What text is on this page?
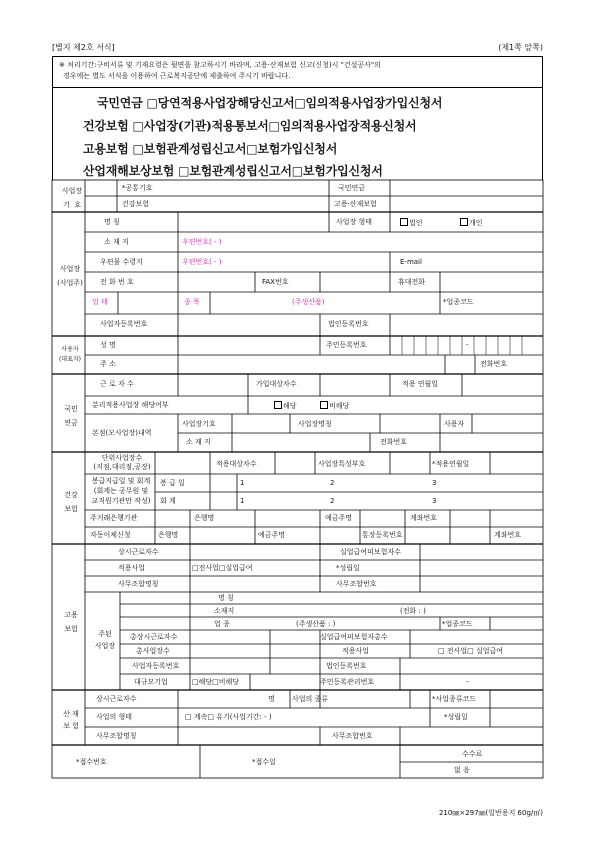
[별지 제2호 서식]	(제1쪽 앞쪽)
※ 처리기간:구비서류 및 기재요령은 뒷면을 참고하시기 바라며, 고용·산재보험 신고(신청)시 "건설공사"의
경우에는 별도 서식을 이용하여 근로복지공단에 제출하여 주시기 바랍니다.
국민연금 □당연적용사업장해당신고서□임의적용사업장가입신청서
건강보험 □사업장(기관)적용통보서□임의적용사업장적용신청서
고용보험 □보험관계성립신고서□보험가입신청서
산업재해보상보험 □보험관계성립신고서□보험가입신청서
사업장
기  호
*공통기호	국민연금
건강보험	고용·산재보험
사업장
(사업주)
명 칭	사업장 형태	법인	개인
소 재 지	우편번호( - )
우편물 수령지	우편번호( - )	E-mail
전 화 번 호	FAX번호	휴대전화
업 태	종 목	(주생산품)	*업종코드
사업자등록번호	법인등록번호
사용자
(대표자)
성 명	주민등록번호	-
주 소	전화번호
국민
연금
근 로 자 수	가입대상자수	적용 연월일
분리적용사업장 해당여부	해당	비해당
본점(모사업장)내역
사업장기호	사업장명칭	사용자
소 재 지	전화번호
건강
보험
단위사업장수
(지점,대리점,공장)	적용대상자수	사업장특성부호	*적용연월일
봉급지급일 및 회계
(회계는 공무원 및
교직원기관만 작성)
봉 급 일	1	2	3
회 계	1	2	3
주거래은행기관	은행명	예금주명	계좌번호
자동이체신청	은행명	예금주명	통장등록번호	계좌번호
고용
보험
상시근로자수	실업급여피보험자수
적용사업	□전사업□실업급여	*성립일
사무조합명칭	사무조합번호
주된
사업장
명 칭
소재지	(전화 : )
업 종	(주생산품 : )	*업종코드
총상시근로자수	실업급여피보험자총수
총사업장수	적용사업	□ 전사업□ 실업급여
사업자등록번호	법인등록번호
대규모기업	□해당□비해당	주민등록관리번호	-
산 재
보 험
상시근로자수	명 사업의 종류	*사업종류코드
사업의 형태	□ 계속□ 유기(사업기간: - )	*성립일
사무조합명칭	사무조합번호
*접수번호	*접수일
수수료
없 음
210㎜×297㎜(일반용지 60g/㎡)
